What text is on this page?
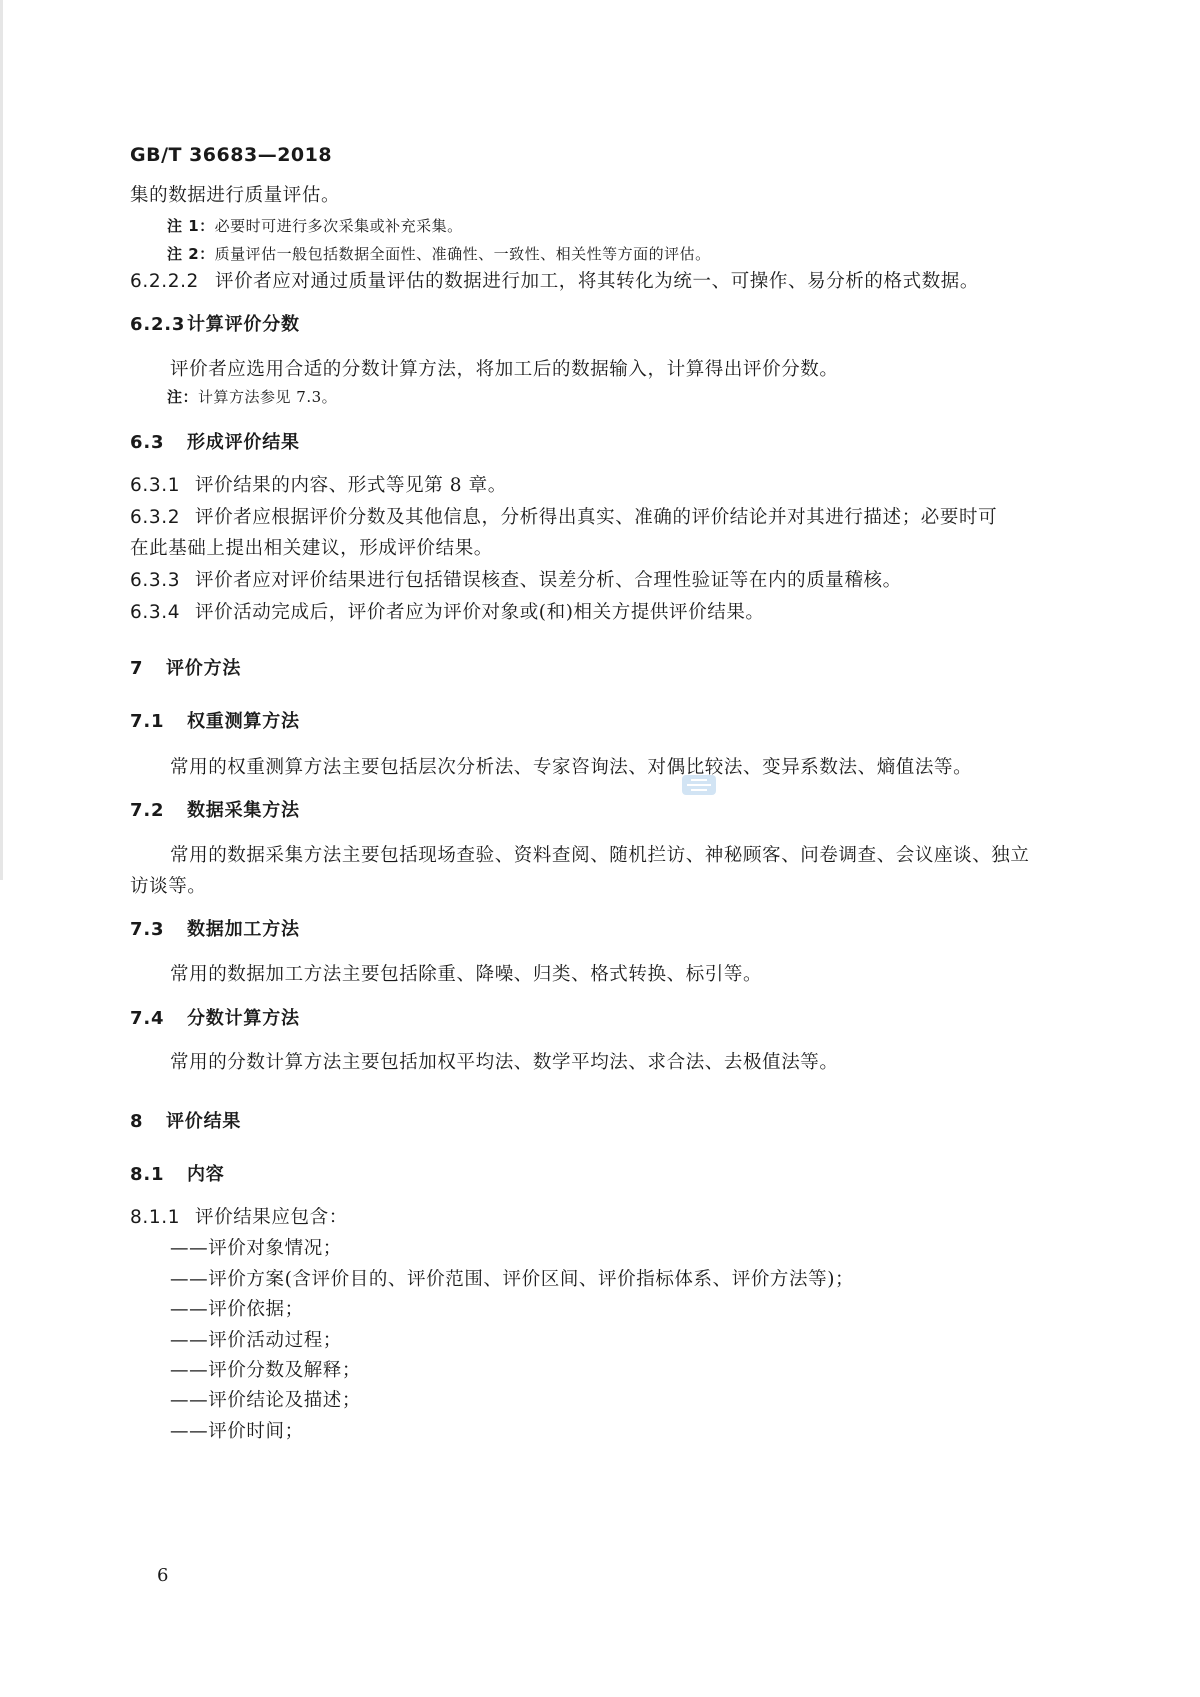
GB/T 36683—2018
集的数据进行质量评估。
注 1：必要时可进行多次采集或补充采集。
注 2：质量评估一般包括数据全面性、准确性、一致性、相关性等方面的评估。
6.2.2.2 评价者应对通过质量评估的数据进行加工，将其转化为统一、可操作、易分析的格式数据。
6.2.3计算评价分数
评价者应选用合适的分数计算方法，将加工后的数据输入，计算得出评价分数。
注：计算方法参见 7.3。
6.3 形成评价结果
6.3.1 评价结果的内容、形式等见第 8 章。
6.3.2 评价者应根据评价分数及其他信息，分析得出真实、准确的评价结论并对其进行描述；必要时可
在此基础上提出相关建议，形成评价结果。
6.3.3 评价者应对评价结果进行包括错误核查、误差分析、合理性验证等在内的质量稽核。
6.3.4 评价活动完成后，评价者应为评价对象或(和)相关方提供评价结果。
7 评价方法
7.1 权重测算方法
常用的权重测算方法主要包括层次分析法、专家咨询法、对偶比较法、变异系数法、熵值法等。
7.2 数据采集方法
常用的数据采集方法主要包括现场查验、资料查阅、随机拦访、神秘顾客、问卷调查、会议座谈、独立
访谈等。
7.3 数据加工方法
常用的数据加工方法主要包括除重、降噪、归类、格式转换、标引等。
7.4 分数计算方法
常用的分数计算方法主要包括加权平均法、数学平均法、求合法、去极值法等。
8 评价结果
8.1 内容
8.1.1 评价结果应包含：
——评价对象情况；
——评价方案(含评价目的、评价范围、评价区间、评价指标体系、评价方法等)；
——评价依据；
——评价活动过程；
——评价分数及解释；
——评价结论及描述；
——评价时间；
6
